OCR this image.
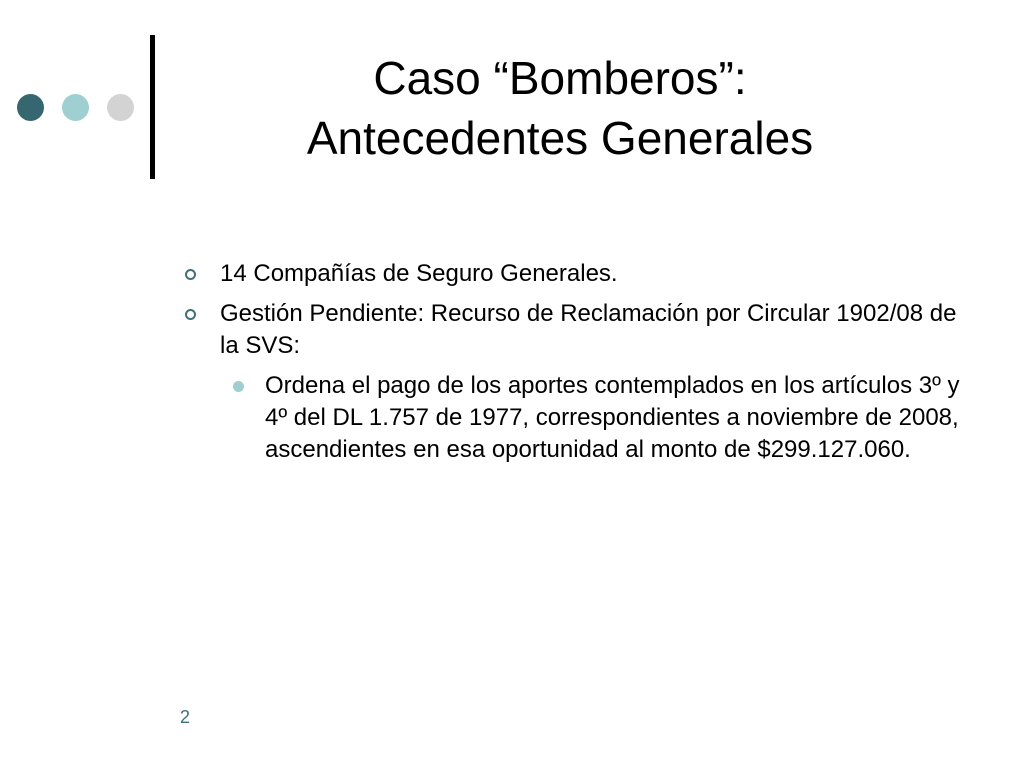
Caso “Bomberos”:
Antecedentes Generales
14 Compañías de Seguro Generales.
Gestión Pendiente: Recurso de Reclamación por Circular 1902/08 de la SVS:
Ordena el pago de los aportes contemplados en los artículos 3º y 4º del DL 1.757 de 1977, correspondientes a noviembre de 2008, ascendientes en esa oportunidad al monto de $299.127.060.
2
